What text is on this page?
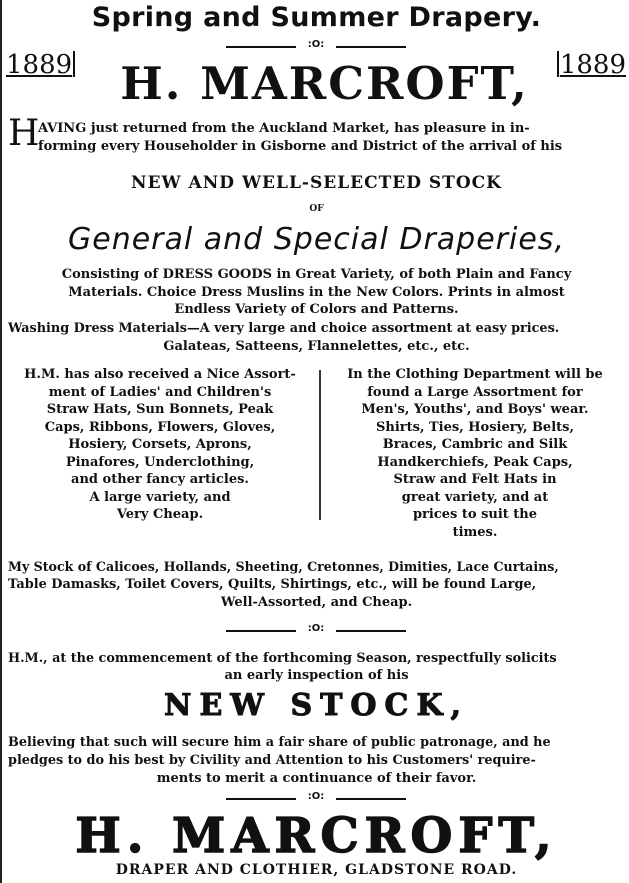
Spring and Summer Drapery.
:O:
1889	1889
H. MARCROFT,
H
AVING just returned from the Auckland Market, has pleasure in in-
forming every Householder in Gisborne and District of the arrival of his
NEW AND WELL-SELECTED STOCK
OF
General and Special Draperies,
Consisting of DRESS GOODS in Great Variety, of both Plain and Fancy
Materials. Choice Dress Muslins in the New Colors. Prints in almost
Endless Variety of Colors and Patterns.
Washing Dress Materials—A very large and choice assortment at easy prices.
Galateas, Satteens, Flannelettes, etc., etc.
H.M. has also received a Nice Assort-
ment of Ladies' and Children's
Straw Hats, Sun Bonnets, Peak
Caps, Ribbons, Flowers, Gloves,
Hosiery, Corsets, Aprons,
Pinafores, Underclothing,
and other fancy articles.
A large variety, and
Very Cheap.
In the Clothing Department will be
found a Large Assortment for
Men's, Youths', and Boys' wear.
Shirts, Ties, Hosiery, Belts,
Braces, Cambric and Silk
Handkerchiefs, Peak Caps,
Straw and Felt Hats in
great variety, and at
prices to suit the
times.
My Stock of Calicoes, Hollands, Sheeting, Cretonnes, Dimities, Lace Curtains,
Table Damasks, Toilet Covers, Quilts, Shirtings, etc., will be found Large,
Well-Assorted, and Cheap.
:O:
H.M., at the commencement of the forthcoming Season, respectfully solicits
an early inspection of his
NEW STOCK,
Believing that such will secure him a fair share of public patronage, and he
pledges to do his best by Civility and Attention to his Customers' require-
ments to merit a continuance of their favor.
:O:
H. MARCROFT,
DRAPER AND CLOTHIER, GLADSTONE ROAD.
